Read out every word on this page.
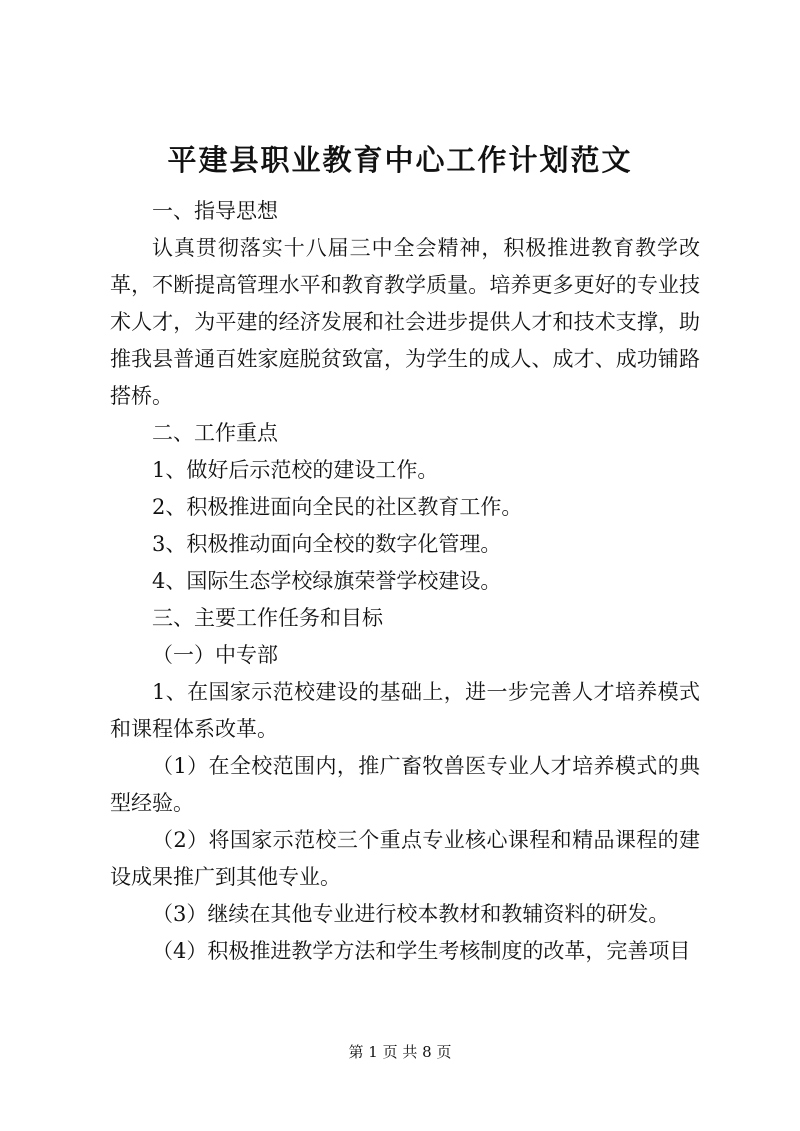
平建县职业教育中心工作计划范文

一、指导思想

认真贯彻落实十八届三中全会精神，积极推进教育教学改革，不断提高管理水平和教育教学质量。培养更多更好的专业技术人才，为平建的经济发展和社会进步提供人才和技术支撑，助推我县普通百姓家庭脱贫致富，为学生的成人、成才、成功铺路搭桥。

二、工作重点

1、做好后示范校的建设工作。

2、积极推进面向全民的社区教育工作。

3、积极推动面向全校的数字化管理。

4、国际生态学校绿旗荣誉学校建设。

三、主要工作任务和目标

（一）中专部

1、在国家示范校建设的基础上，进一步完善人才培养模式和课程体系改革。

（1）在全校范围内，推广畜牧兽医专业人才培养模式的典型经验。

（2）将国家示范校三个重点专业核心课程和精品课程的建设成果推广到其他专业。

（3）继续在其他专业进行校本教材和教辅资料的研发。

（4）积极推进教学方法和学生考核制度的改革，完善项目

第 1 页 共 8 页
